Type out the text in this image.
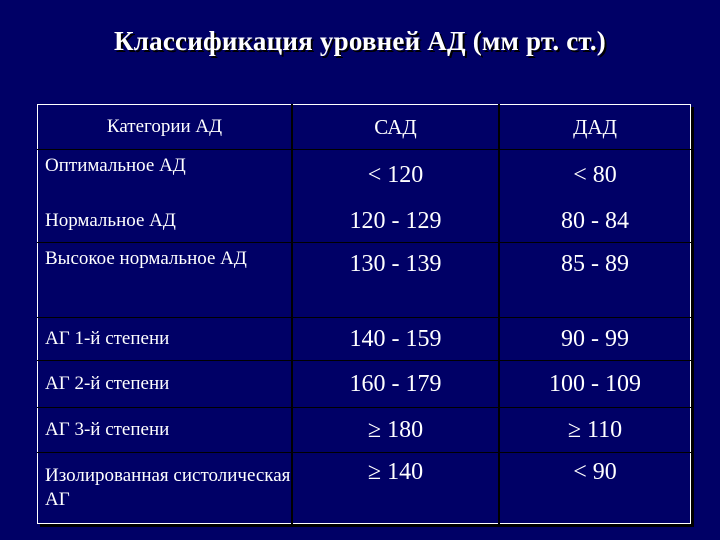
Классификация уровней АД (мм рт. ст.)
Категории АД	САД	ДАД
Оптимальное АД	< 120	< 80
Нормальное АД	120 - 129	80 - 84
Высокое нормальное АД	130 - 139	85 - 89
АГ 1-й степени	140 - 159	90 - 99
АГ 2-й степени	160 - 179	100 - 109
АГ 3-й степени	≥ 180	≥ 110
Изолированная систолическая АГ	≥ 140	< 90
